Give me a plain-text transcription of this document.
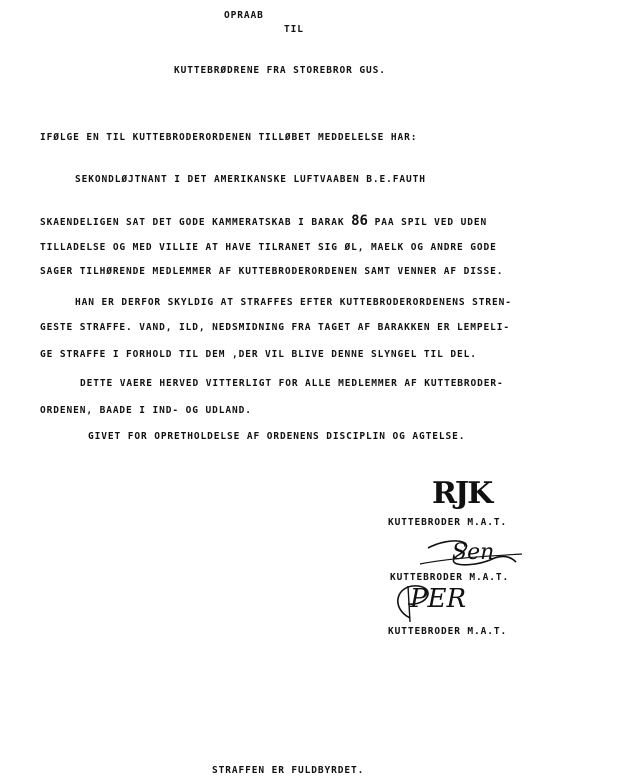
OPRAAB
TIL
KUTTEBRØDRENE FRA STOREBROR GUS.
IFØLGE EN TIL KUTTEBRODERORDENEN TILLØBET MEDDELELSE HAR:
SEKONDLØJTNANT I DET AMERIKANSKE LUFTVAABEN B.E.FAUTH
SKAENDELIGEN SAT DET GODE KAMMERATSKAB I BARAK 86 PAA SPIL VED UDEN
TILLADELSE OG MED VILLIE AT HAVE TILRANET SIG ØL, MAELK OG ANDRE GODE
SAGER TILHØRENDE MEDLEMMER AF KUTTEBRODERORDENEN SAMT VENNER AF DISSE.
HAN ER DERFOR SKYLDIG AT STRAFFES EFTER KUTTEBRODERORDENENS STREN-
GESTE STRAFFE. VAND, ILD, NEDSMIDNING FRA TAGET AF BARAKKEN ER LEMPELI-
GE STRAFFE I FORHOLD TIL DEM ,DER VIL BLIVE DENNE SLYNGEL TIL DEL.
DETTE VAERE HERVED VITTERLIGT FOR ALLE MEDLEMMER AF KUTTEBRODER-
ORDENEN, BAADE I IND- OG UDLAND.
GIVET FOR OPRETHOLDELSE AF ORDENENS DISCIPLIN OG AGTELSE.
RJK
KUTTEBRODER M.A.T.
Sen
KUTTEBRODER M.A.T.
PER
KUTTEBRODER M.A.T.
STRAFFEN ER FULDBYRDET.
